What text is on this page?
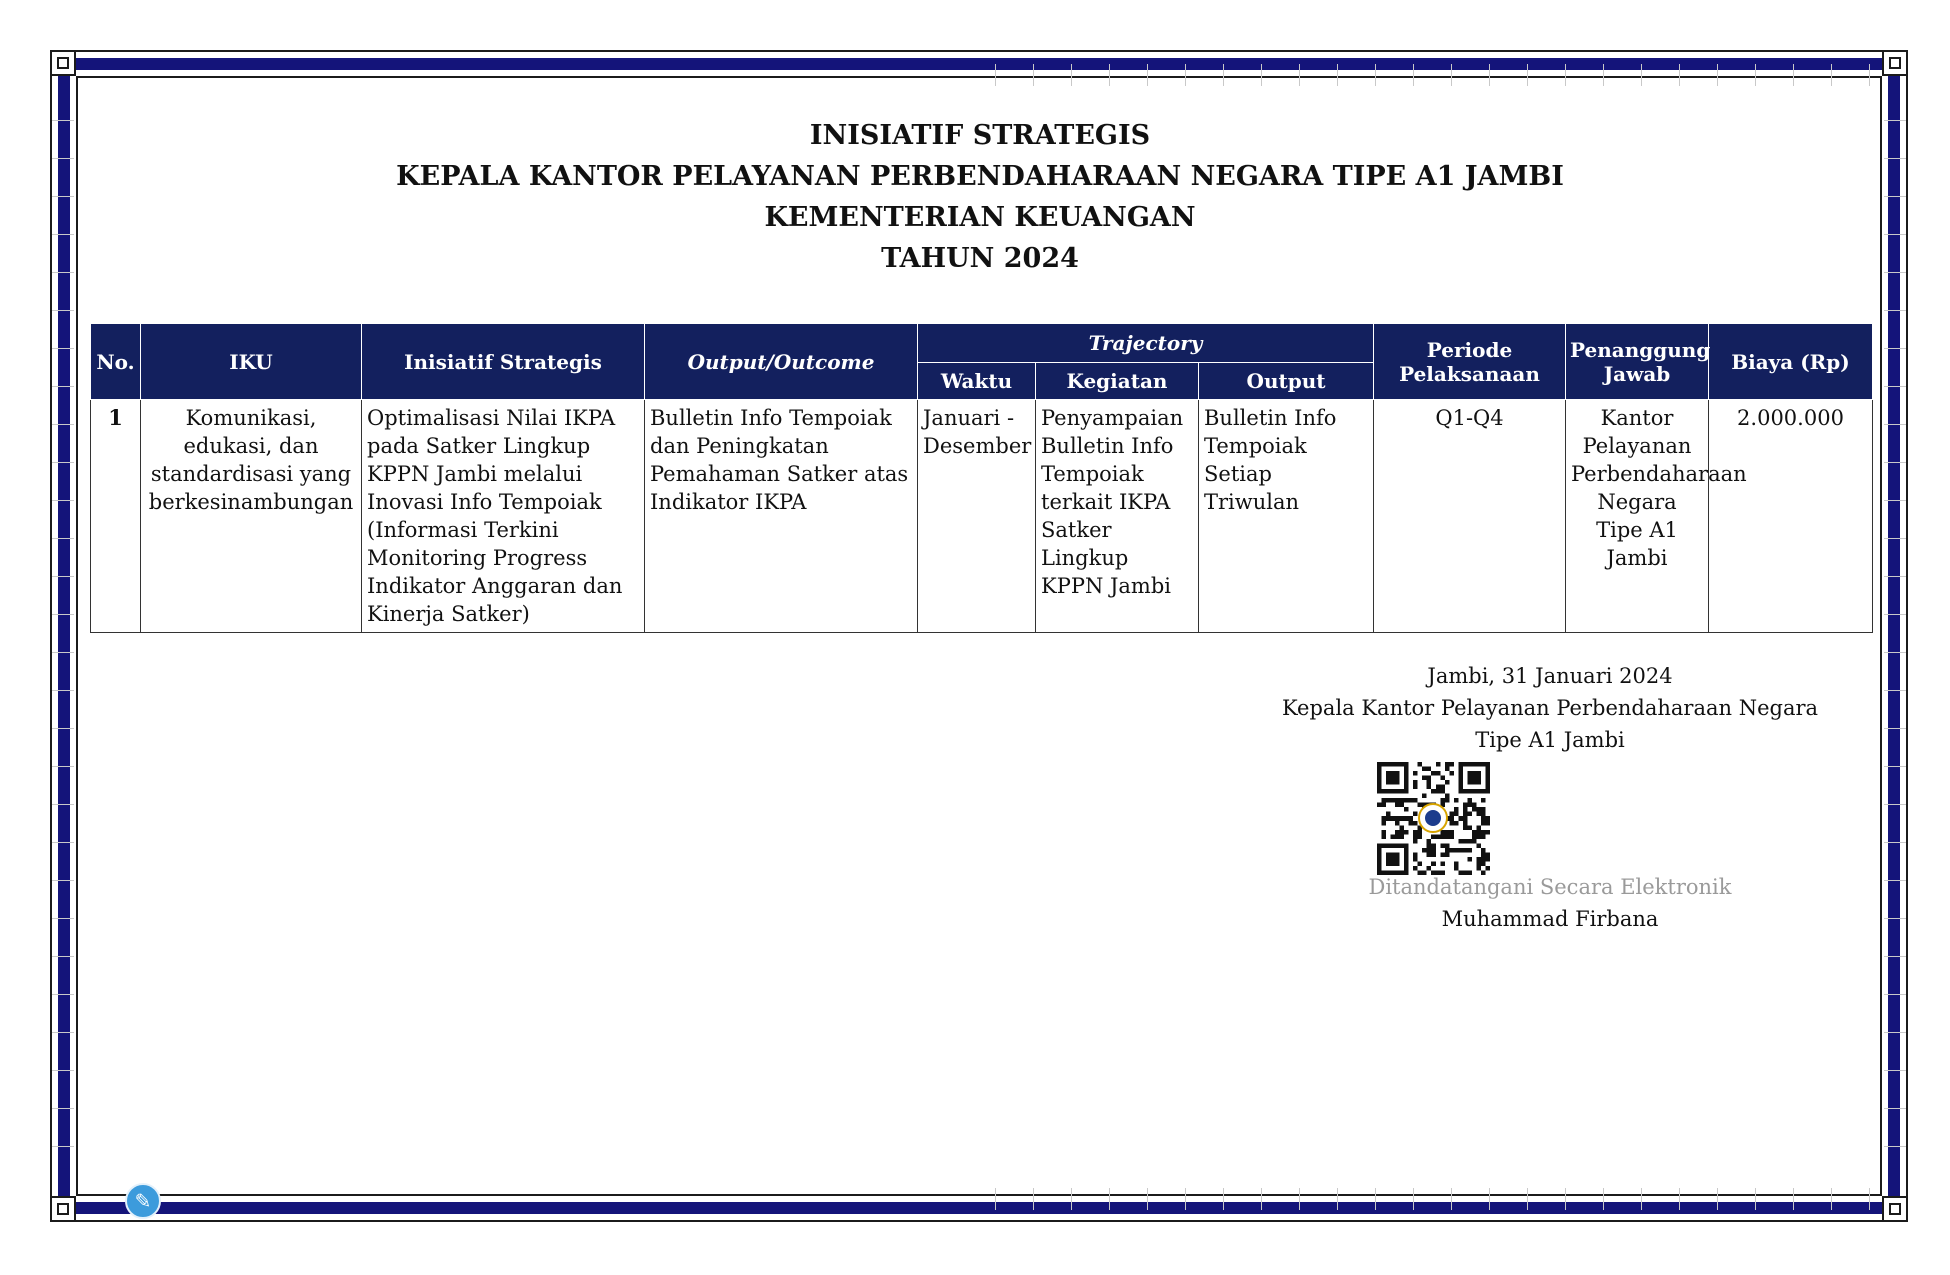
INISIATIF STRATEGIS
KEPALA KANTOR PELAYANAN PERBENDAHARAAN NEGARA TIPE A1 JAMBI
KEMENTERIAN KEUANGAN
TAHUN 2024
No.	IKU	Inisiatif Strategis	Output/Outcome	Trajectory			Periode Pelaksanaan	Penanggung Jawab	Biaya (Rp)
				Waktu	Kegiatan	Output			
1	Komunikasi, edukasi, dan standardisasi yang berkesinambungan	Optimalisasi Nilai IKPA pada Satker Lingkup KPPN Jambi melalui Inovasi Info Tempoiak (Informasi Terkini Monitoring Progress Indikator Anggaran dan Kinerja Satker)	Bulletin Info Tempoiak dan Peningkatan Pemahaman Satker atas Indikator IKPA	Januari - Desember	Penyampaian Bulletin Info Tempoiak terkait IKPA Satker Lingkup KPPN Jambi	Bulletin Info Tempoiak Setiap Triwulan	Q1-Q4	Kantor Pelayanan Perbendaharaan Negara Tipe A1 Jambi	2.000.000
Jambi, 31 Januari 2024
Kepala Kantor Pelayanan Perbendaharaan Negara
Tipe A1 Jambi
Ditandatangani Secara Elektronik
Muhammad Firbana
✎
